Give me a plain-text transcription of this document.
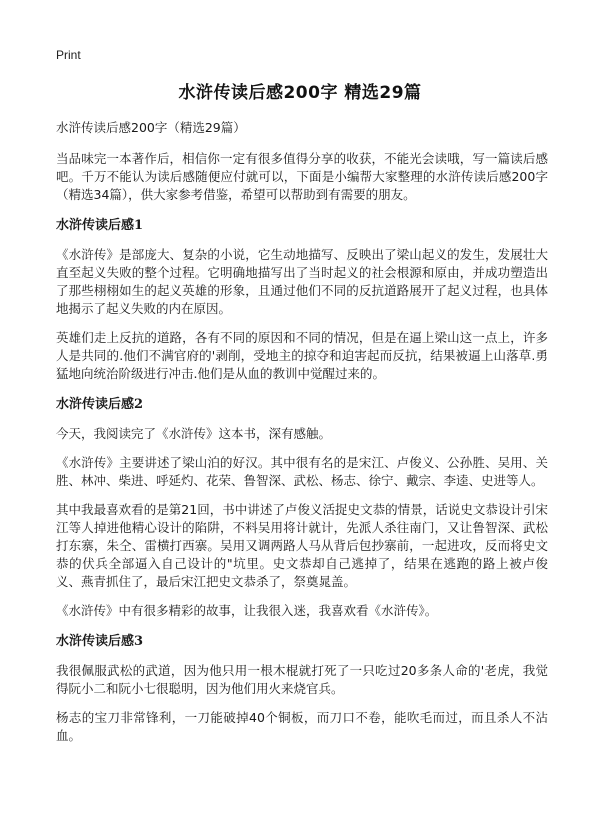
Print
水浒传读后感200字 精选29篇
水浒传读后感200字（精选29篇）

当品味完一本著作后，相信你一定有很多值得分享的收获，不能光会读哦，写一篇读后感吧。千万不能认为读后感随便应付就可以，下面是小编帮大家整理的水浒传读后感200字（精选34篇），供大家参考借鉴，希望可以帮助到有需要的朋友。

水浒传读后感1

《水浒传》是部庞大、复杂的小说，它生动地描写、反映出了梁山起义的发生，发展壮大直至起义失败的整个过程。它明确地描写出了当时起义的社会根源和原由，并成功塑造出了那些栩栩如生的起义英雄的形象，且通过他们不同的反抗道路展开了起义过程，也具体地揭示了起义失败的内在原因。

英雄们走上反抗的道路，各有不同的原因和不同的情况，但是在逼上梁山这一点上，许多人是共同的.他们不满官府的'剥削，受地主的掠夺和迫害起而反抗，结果被逼上山落草.勇猛地向统治阶级进行冲击.他们是从血的教训中觉醒过来的。

水浒传读后感2

今天，我阅读完了《水浒传》这本书，深有感触。

《水浒传》主要讲述了梁山泊的好汉。其中很有名的是宋江、卢俊义、公孙胜、吴用、关胜、林冲、柴进、呼延灼、花荣、鲁智深、武松、杨志、徐宁、戴宗、李逵、史进等人。

其中我最喜欢看的是第21回，书中讲述了卢俊义活捉史文恭的情景，话说史文恭设计引宋江等人掉进他精心设计的陷阱，不料吴用将计就计，先派人杀往南门，又让鲁智深、武松打东寨，朱仝、雷横打西寨。吴用又调两路人马从背后包抄寨前，一起进攻，反而将史文恭的伏兵全部逼入自己设计的"坑里。史文恭却自己逃掉了，结果在逃跑的路上被卢俊义、燕青抓住了，最后宋江把史文恭杀了，祭奠晁盖。

《水浒传》中有很多精彩的故事，让我很入迷，我喜欢看《水浒传》。

水浒传读后感3

我很佩服武松的武道，因为他只用一根木棍就打死了一只吃过20多条人命的'老虎，我觉得阮小二和阮小七很聪明，因为他们用火来烧官兵。

杨志的宝刀非常锋利，一刀能破掉40个铜板，而刀口不卷，能吹毛而过，而且杀人不沾血。
